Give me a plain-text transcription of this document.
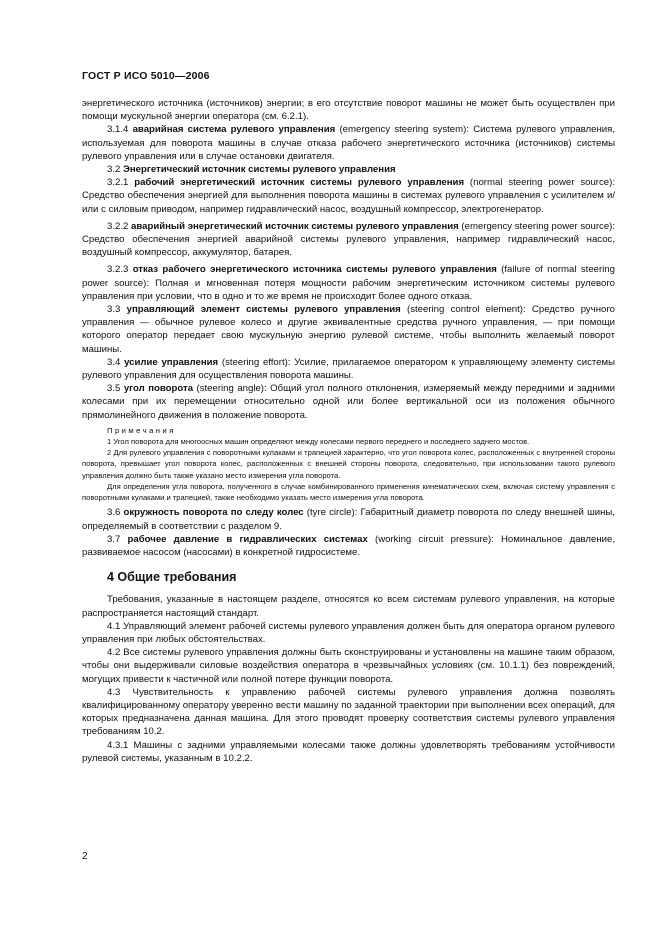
ГОСТ Р ИСО 5010—2006

энергетического источника (источников) энергии; в его отсутствие поворот машины не может быть осуществлен при помощи мускульной энергии оператора (см. 6.2.1).

3.1.4 аварийная система рулевого управления (emergency steering system): Система рулевого управления, используемая для поворота машины в случае отказа рабочего энергетического источника (источников) системы рулевого управления или в случае остановки двигателя.

3.2 Энергетический источник системы рулевого управления

3.2.1 рабочий энергетический источник системы рулевого управления (normal steering power source): Средство обеспечения энергией для выполнения поворота машины в системах рулевого управления с усилителем и/или с силовым приводом, например гидравлический насос, воздушный компрессор, электрогенератор.

3.2.2 аварийный энергетический источник системы рулевого управления (emergency steering power source): Средство обеспечения энергией аварийной системы рулевого управления, например гидравлический насос, воздушный компрессор, аккумулятор, батарея.

3.2.3 отказ рабочего энергетического источника системы рулевого управления (failure of normal steering power source): Полная и мгновенная потеря мощности рабочим энергетическим источником системы рулевого управления при условии, что в одно и то же время не происходит более одного отказа.

3.3 управляющий элемент системы рулевого управления (steering control element): Средство ручного управления — обычное рулевое колесо и другие эквивалентные средства ручного управления, — при помощи которого оператор передает свою мускульную энергию рулевой системе, чтобы выполнить желаемый поворот машины.

3.4 усилие управления (steering effort): Усилие, прилагаемое оператором к управляющему элементу системы рулевого управления для осуществления поворота машины.

3.5 угол поворота (steering angle): Общий угол полного отклонения, измеряемый между передними и задними колесами при их перемещении относительно одной или более вертикальной оси из положения обычного прямолинейного движения в положение поворота.

Примечания

1 Угол поворота для многоосных машин определяют между колесами первого переднего и последнего заднего мостов.

2 Для рулевого управления с поворотными кулаками и трапецией характерно, что угол поворота колес, расположенных с внутренней стороны поворота, превышает угол поворота колес, расположенных с внешней стороны поворота, следовательно, при использовании такого рулевого управления должно быть также указано место измерения угла поворота.

Для определения угла поворота, полученного в случае комбинированного применения кинематических схем, включая систему управления с поворотными кулаками и трапецией, также необходимо указать место измерения угла поворота.

3.6 окружность поворота по следу колес (tyre circle): Габаритный диаметр поворота по следу внешней шины, определяемый в соответствии с разделом 9.

3.7 рабочее давление в гидравлических системах (working circuit pressure): Номинальное давление, развиваемое насосом (насосами) в конкретной гидросистеме.

4 Общие требования

Требования, указанные в настоящем разделе, относятся ко всем системам рулевого управления, на которые распространяется настоящий стандарт.

4.1 Управляющий элемент рабочей системы рулевого управления должен быть для оператора органом рулевого управления при любых обстоятельствах.

4.2 Все системы рулевого управления должны быть сконструированы и установлены на машине таким образом, чтобы они выдерживали силовые воздействия оператора в чрезвычайных условиях (см. 10.1.1) без повреждений, могущих привести к частичной или полной потере функции поворота.

4.3 Чувствительность к управлению рабочей системы рулевого управления должна позволять квалифицированному оператору уверенно вести машину по заданной траектории при выполнении всех операций, для которых предназначена данная машина. Для этого проводят проверку соответствия системы рулевого управления требованиям 10.2.

4.3.1 Машины с задними управляемыми колесами также должны удовлетворять требованиям устойчивости рулевой системы, указанным в 10.2.2.

2
